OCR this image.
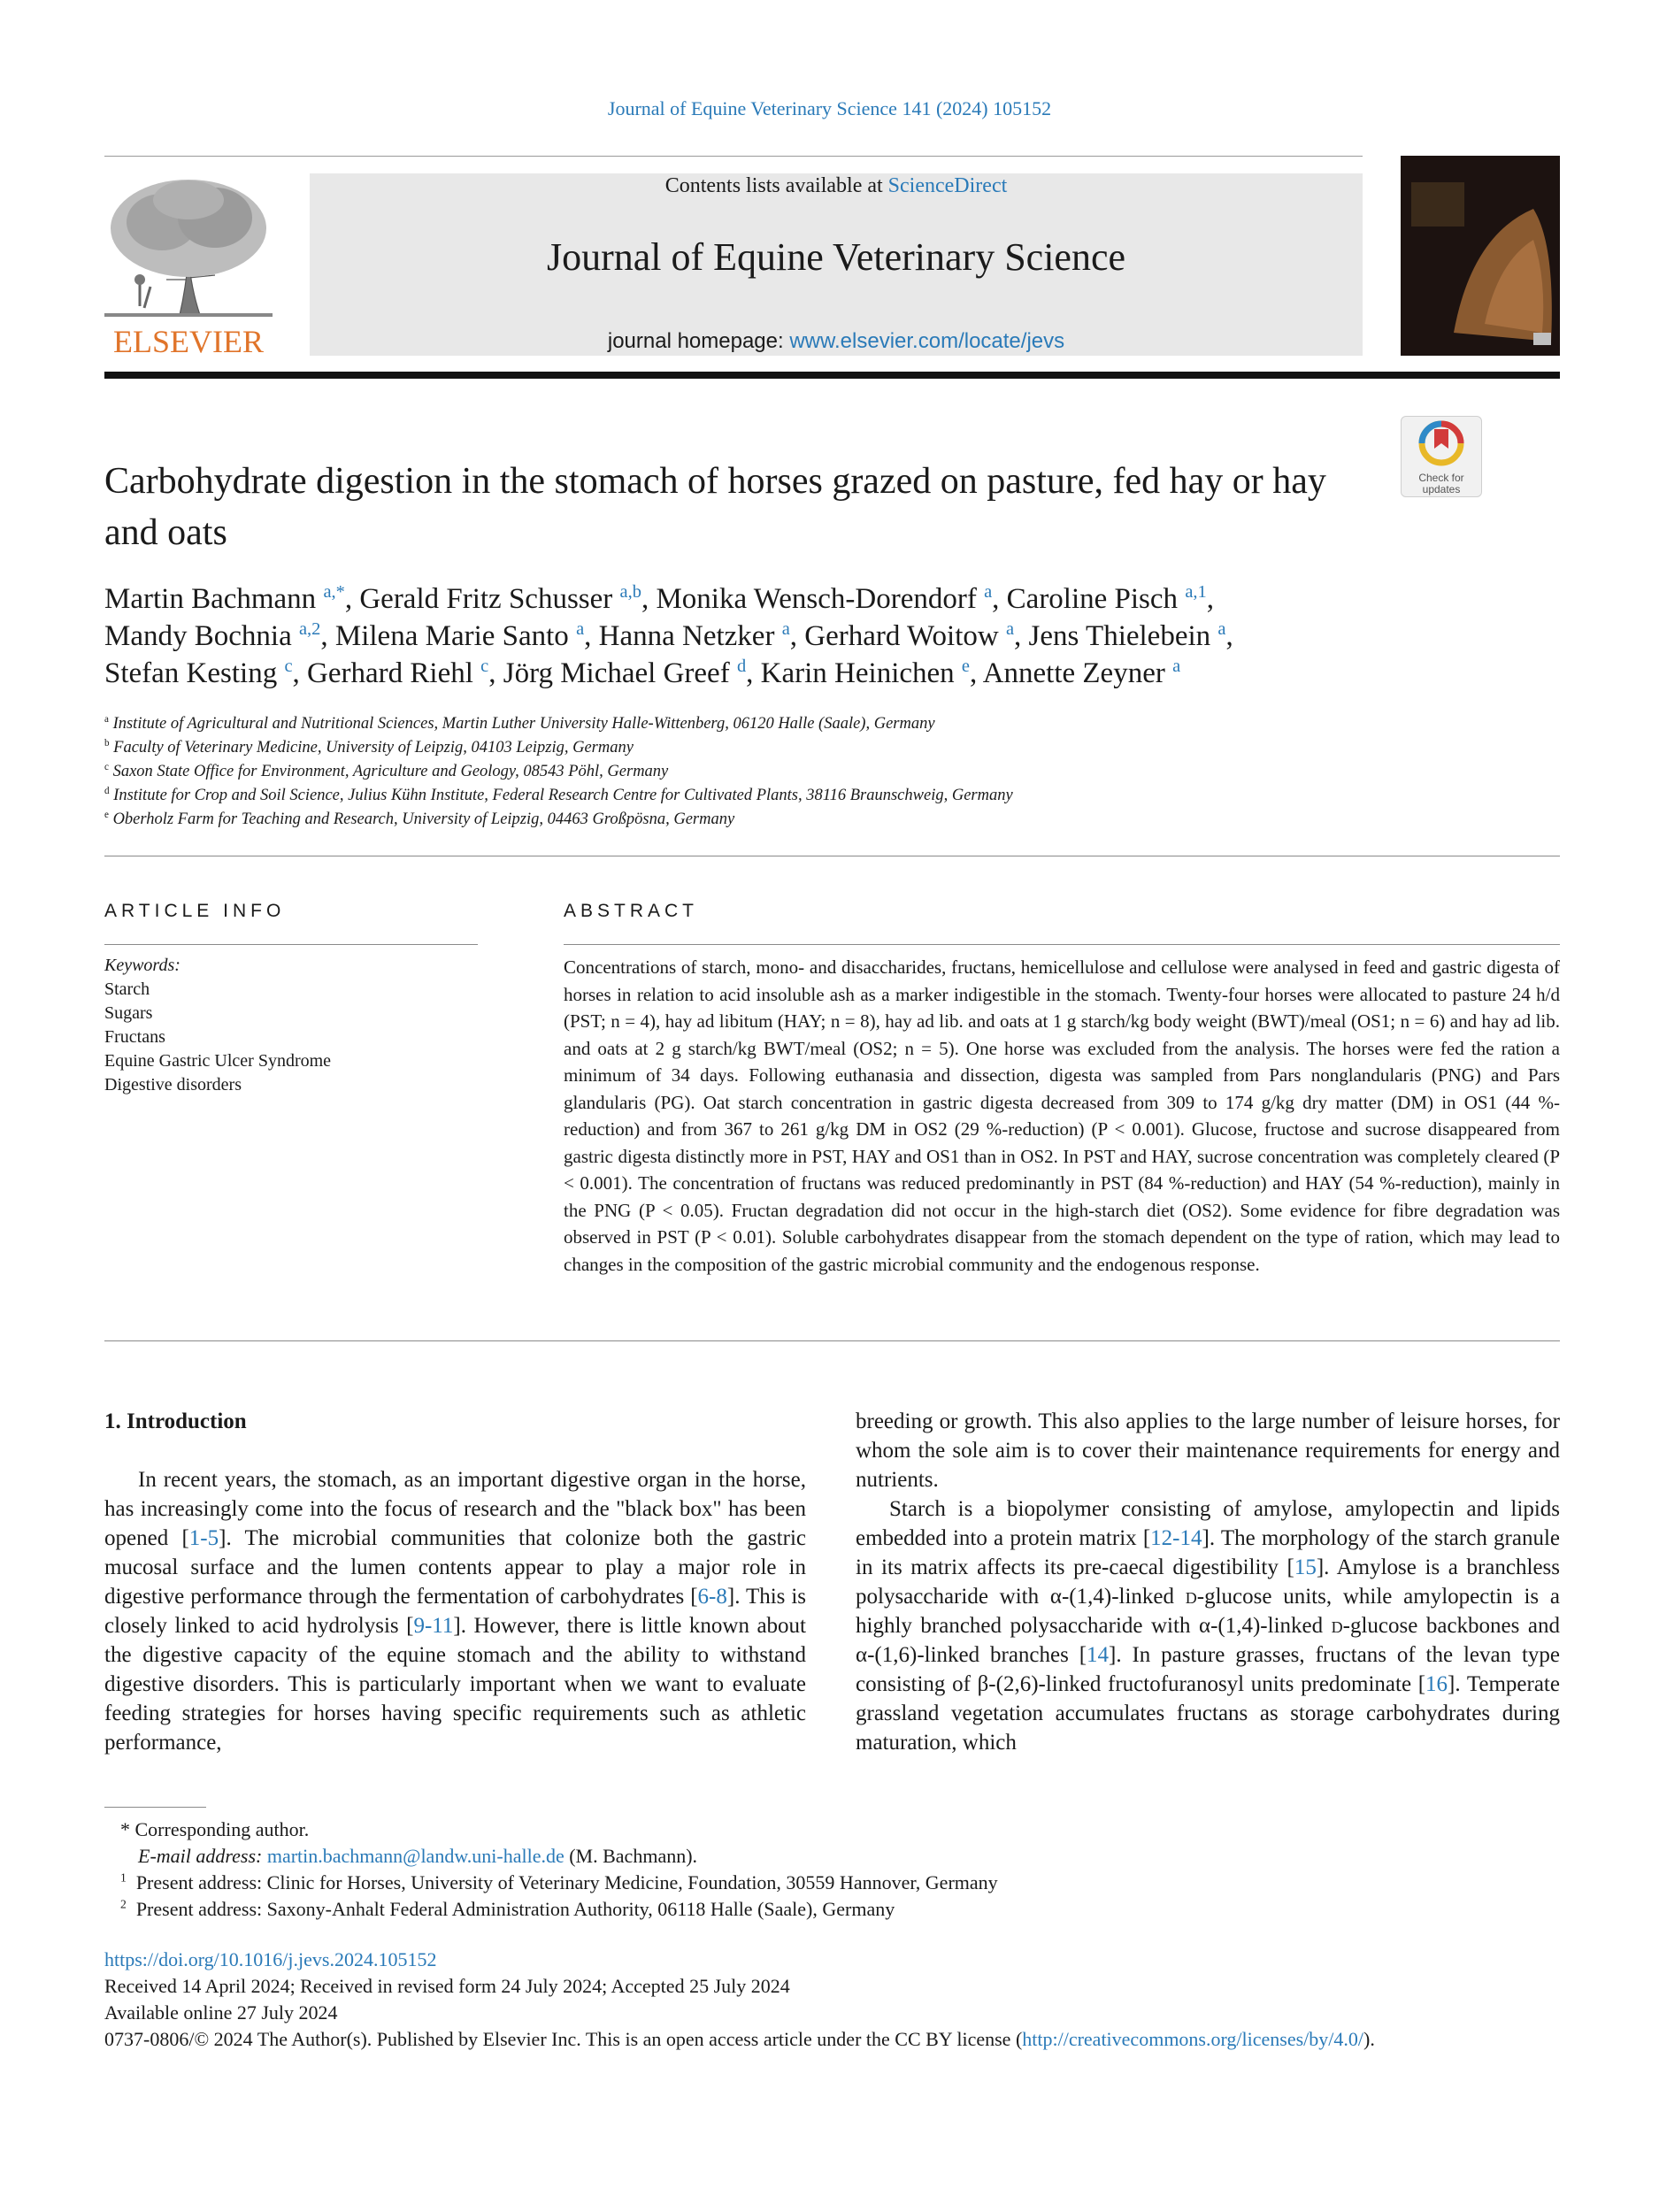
Journal of Equine Veterinary Science 141 (2024) 105152
ELSEVIER
Contents lists available at ScienceDirect
Journal of Equine Veterinary Science
journal homepage: www.elsevier.com/locate/jevs
Check for updates
Carbohydrate digestion in the stomach of horses grazed on pasture, fed hay or hay and oats
Martin Bachmann $^{a,*}$, Gerald Fritz Schusser $^{a,b}$, Monika Wensch-Dorendorf $^a$, Caroline Pisch $^{a,1}$,
Mandy Bochnia $^{a,2}$, Milena Marie Santo $^a$, Hanna Netzker $^a$, Gerhard Woitow $^a$, Jens Thielebein $^a$,
Stefan Kesting $^c$, Gerhard Riehl $^c$, Jörg Michael Greef $^d$, Karin Heinichen $^e$, Annette Zeyner $^a$
$^a$ Institute of Agricultural and Nutritional Sciences, Martin Luther University Halle-Wittenberg, 06120 Halle (Saale), Germany
$^b$ Faculty of Veterinary Medicine, University of Leipzig, 04103 Leipzig, Germany
$^c$ Saxon State Office for Environment, Agriculture and Geology, 08543 Pöhl, Germany
$^d$ Institute for Crop and Soil Science, Julius Kühn Institute, Federal Research Centre for Cultivated Plants, 38116 Braunschweig, Germany
$^e$ Oberholz Farm for Teaching and Research, University of Leipzig, 04463 Großpösna, Germany
ARTICLE INFO
Keywords:
Starch
Sugars
Fructans
Equine Gastric Ulcer Syndrome
Digestive disorders
ABSTRACT
Concentrations of starch, mono- and disaccharides, fructans, hemicellulose and cellulose were analysed in feed and gastric digesta of horses in relation to acid insoluble ash as a marker indigestible in the stomach. Twenty-four horses were allocated to pasture 24 h/d (PST; n = 4), hay ad libitum (HAY; n = 8), hay ad lib. and oats at 1 g starch/kg body weight (BWT)/meal (OS1; n = 6) and hay ad lib. and oats at 2 g starch/kg BWT/meal (OS2; n = 5). One horse was excluded from the analysis. The horses were fed the ration a minimum of 34 days. Following euthanasia and dissection, digesta was sampled from Pars nonglandularis (PNG) and Pars glandularis (PG). Oat starch concentration in gastric digesta decreased from 309 to 174 g/kg dry matter (DM) in OS1 (44 %-reduction) and from 367 to 261 g/kg DM in OS2 (29 %-reduction) (P < 0.001). Glucose, fructose and sucrose disappeared from gastric digesta distinctly more in PST, HAY and OS1 than in OS2. In PST and HAY, sucrose concentration was completely cleared (P < 0.001). The concentration of fructans was reduced predominantly in PST (84 %-reduction) and HAY (54 %-reduction), mainly in the PNG (P < 0.05). Fructan degradation did not occur in the high-starch diet (OS2). Some evidence for fibre degradation was observed in PST (P < 0.01). Soluble carbohydrates disappear from the stomach dependent on the type of ration, which may lead to changes in the composition of the gastric microbial community and the endogenous response.
1. Introduction

In recent years, the stomach, as an important digestive organ in the horse, has increasingly come into the focus of research and the "black box" has been opened [1-5]. The microbial communities that colonize both the gastric mucosal surface and the lumen contents appear to play a major role in digestive performance through the fermentation of carbohydrates [6-8]. This is closely linked to acid hydrolysis [9-11]. However, there is little known about the digestive capacity of the equine stomach and the ability to withstand digestive disorders. This is particularly important when we want to evaluate feeding strategies for horses having specific requirements such as athletic performance,

breeding or growth. This also applies to the large number of leisure horses, for whom the sole aim is to cover their maintenance requirements for energy and nutrients.

Starch is a biopolymer consisting of amylose, amylopectin and lipids embedded into a protein matrix [12-14]. The morphology of the starch granule in its matrix affects its pre-caecal digestibility [15]. Amylose is a branchless polysaccharide with α-(1,4)-linked d-glucose units, while amylopectin is a highly branched polysaccharide with α-(1,4)-linked d-glucose backbones and α-(1,6)-linked branches [14]. In pasture grasses, fructans of the levan type consisting of β-(2,6)-linked fructofuranosyl units predominate [16]. Temperate grassland vegetation accumulates fructans as storage carbohydrates during maturation, which

* Corresponding author.
E-mail address: martin.bachmann@landw.uni-halle.de (M. Bachmann).
$^1$ Present address: Clinic for Horses, University of Veterinary Medicine, Foundation, 30559 Hannover, Germany
$^2$ Present address: Saxony-Anhalt Federal Administration Authority, 06118 Halle (Saale), Germany
https://doi.org/10.1016/j.jevs.2024.105152
Received 14 April 2024; Received in revised form 24 July 2024; Accepted 25 July 2024
Available online 27 July 2024
0737-0806/© 2024 The Author(s). Published by Elsevier Inc. This is an open access article under the CC BY license (http://creativecommons.org/licenses/by/4.0/).
